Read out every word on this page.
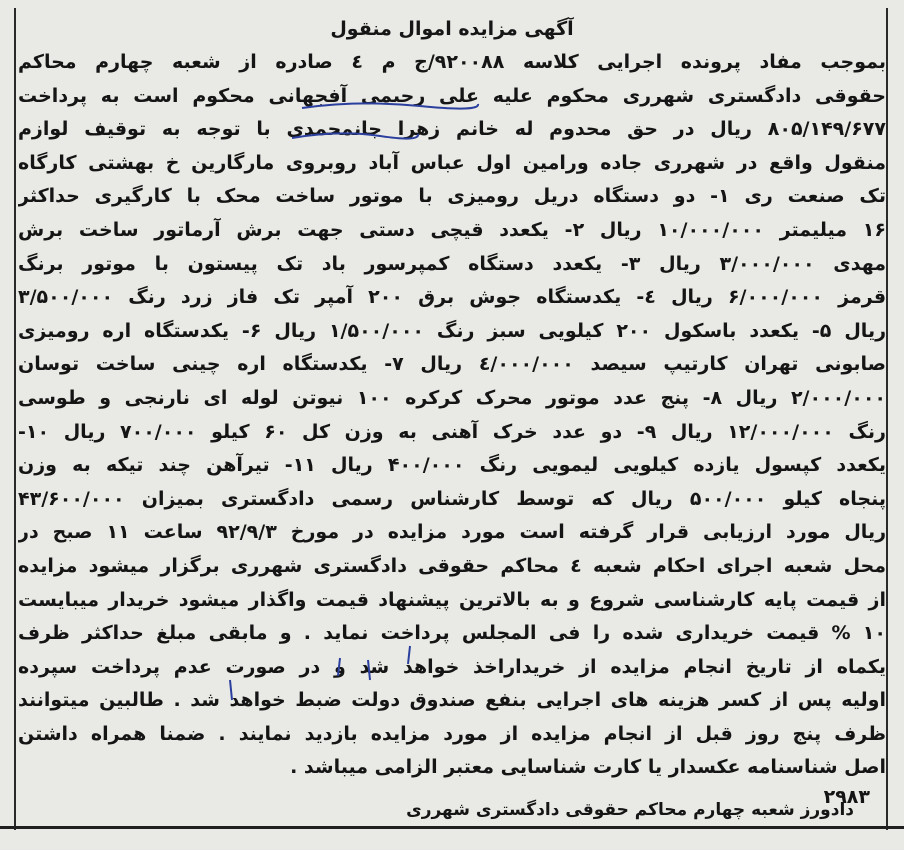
آگهی مزایده اموال منقول
بموجب مفاد پرونده اجرایی کلاسه ۹۲۰۰۸۸/ج م ٤ صادره از شعبه چهارم محاکم
حقوقی دادگستری شهرری محکوم علیه علی رحیمی آفجهانی محکوم است به پرداخت
۸۰۵/۱۴۹/۶۷۷ ریال در حق محدوم له خانم زهرا جانمحمدی با توجه به توقیف لوازم
منقول واقع در شهرری جاده ورامین اول عباس آباد روبروی مارگارین خ بهشتی کارگاه
تک صنعت ری ۱- دو دستگاه دریل رومیزی با موتور ساخت محک با کارگیری حداکثر
۱۶ میلیمتر ۱۰/۰۰۰/۰۰۰ ریال ۲- یکعدد قیچی دستی جهت برش آرماتور ساخت برش
مهدی ۳/۰۰۰/۰۰۰ ریال ۳- یکعدد دستگاه کمپرسور باد تک پیستون با موتور برنگ
قرمز ۶/۰۰۰/۰۰۰ ریال ٤- یکدستگاه جوش برق ۲۰۰ آمپر تک فاز زرد رنگ ۳/۵۰۰/۰۰۰
ریال ۵- یکعدد باسکول ۲۰۰ کیلویی سبز رنگ ۱/۵۰۰/۰۰۰ ریال ۶- یکدستگاه اره رومیزی
صابونی تهران کارتیپ سیصد ٤/۰۰۰/۰۰۰ ریال ۷- یکدستگاه اره چینی ساخت توسان
۲/۰۰۰/۰۰۰ ریال ۸- پنج عدد موتور محرک کرکره ۱۰۰ نیوتن لوله ای نارنجی و طوسی
رنگ ۱۲/۰۰۰/۰۰۰ ریال ۹- دو عدد خرک آهنی به وزن کل ۶۰ کیلو ۷۰۰/۰۰۰ ریال ۱۰-
یکعدد کپسول یازده کیلویی لیمویی رنگ ۴۰۰/۰۰۰ ریال ۱۱- تیرآهن چند تیکه به وزن
پنجاه کیلو ۵۰۰/۰۰۰ ریال که توسط کارشناس رسمی دادگستری بمیزان ۴۳/۶۰۰/۰۰۰
ریال مورد ارزیابی قرار گرفته است مورد مزایده در مورخ ۹۲/۹/۳ ساعت ۱۱ صبح در
محل شعبه اجرای احکام شعبه ٤ محاکم حقوقی دادگستری شهرری برگزار میشود مزایده
از قیمت پایه کارشناسی شروع و به بالاترین پیشنهاد قیمت واگذار میشود خریدار میبایست
۱۰ % قیمت خریداری شده را فی المجلس پرداخت نماید . و مابقی مبلغ حداکثر ظرف
یکماه از تاریخ انجام مزایده از خریداراخذ خواهد شد و در صورت عدم پرداخت سپرده
اولیه پس از کسر هزینه های اجرایی بنفع صندوق دولت ضبط خواهد شد . طالبین میتوانند
ظرف پنج روز قبل از انجام مزایده از مورد مزایده بازدید نمایند . ضمنا همراه داشتن
اصل شناسنامه عکسدار یا کارت شناسایی معتبر الزامی میباشد .
۲۹۸۳
دادورز شعبه چهارم محاکم حقوقی دادگستری شهرری
